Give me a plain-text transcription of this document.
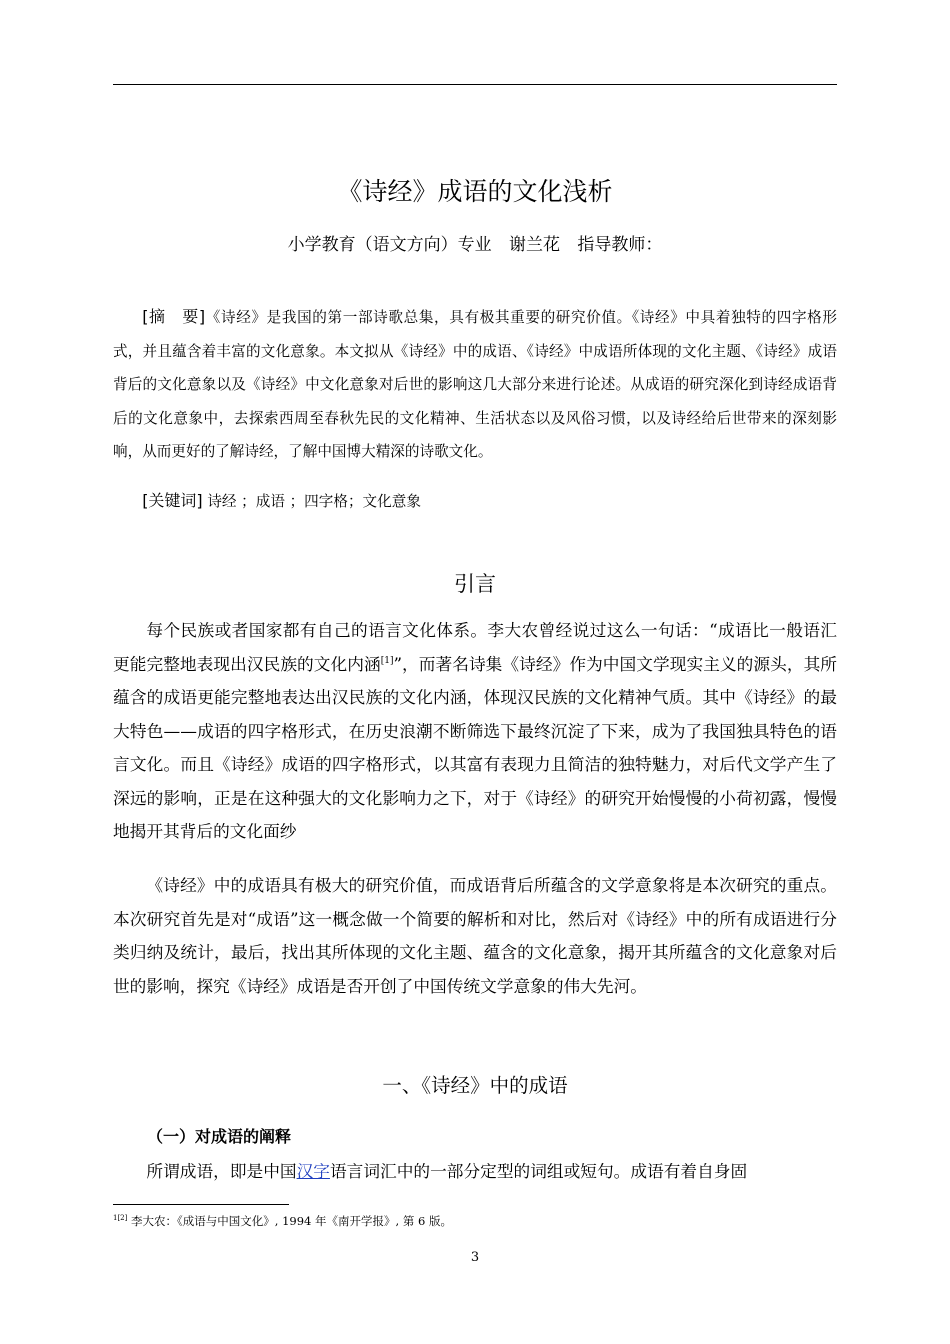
《诗经》成语的文化浅析
小学教育（语文方向）专业 谢兰花 指导教师：

[摘　要]《诗经》是我国的第一部诗歌总集，具有极其重要的研究价值。《诗经》中具着独特的四字格形式，并且蕴含着丰富的文化意象。本文拟从《诗经》中的成语、《诗经》中成语所体现的文化主题、《诗经》成语背后的文化意象以及《诗经》中文化意象对后世的影响这几大部分来进行论述。从成语的研究深化到诗经成语背后的文化意象中，去探索西周至春秋先民的文化精神、生活状态以及风俗习惯，以及诗经给后世带来的深刻影响，从而更好的了解诗经，了解中国博大精深的诗歌文化。

[关键词] 诗经 ；成语 ；四字格；文化意象

引言

每个民族或者国家都有自己的语言文化体系。李大农曾经说过这么一句话：“成语比一般语汇更能完整地表现出汉民族的文化内涵[1]”，而著名诗集《诗经》作为中国文学现实主义的源头，其所蕴含的成语更能完整地表达出汉民族的文化内涵，体现汉民族的文化精神气质。其中《诗经》的最大特色——成语的四字格形式，在历史浪潮不断筛选下最终沉淀了下来，成为了我国独具特色的语言文化。而且《诗经》成语的四字格形式，以其富有表现力且简洁的独特魅力，对后代文学产生了深远的影响，正是在这种强大的文化影响力之下，对于《诗经》的研究开始慢慢的小荷初露，慢慢地揭开其背后的文化面纱

《诗经》中的成语具有极大的研究价值，而成语背后所蕴含的文学意象将是本次研究的重点。本次研究首先是对“成语”这一概念做一个简要的解析和对比，然后对《诗经》中的所有成语进行分类归纳及统计，最后，找出其所体现的文化主题、蕴含的文化意象，揭开其所蕴含的文化意象对后世的影响，探究《诗经》成语是否开创了中国传统文学意象的伟大先河。

一、《诗经》中的成语
（一）对成语的阐释

所谓成语，即是中国汉字语言词汇中的一部分定型的词组或短句。成语有着自身固

$^{1[2]}$ 李大农：《成语与中国文化》, 1994 年《南开学报》, 第 6 版。
3
